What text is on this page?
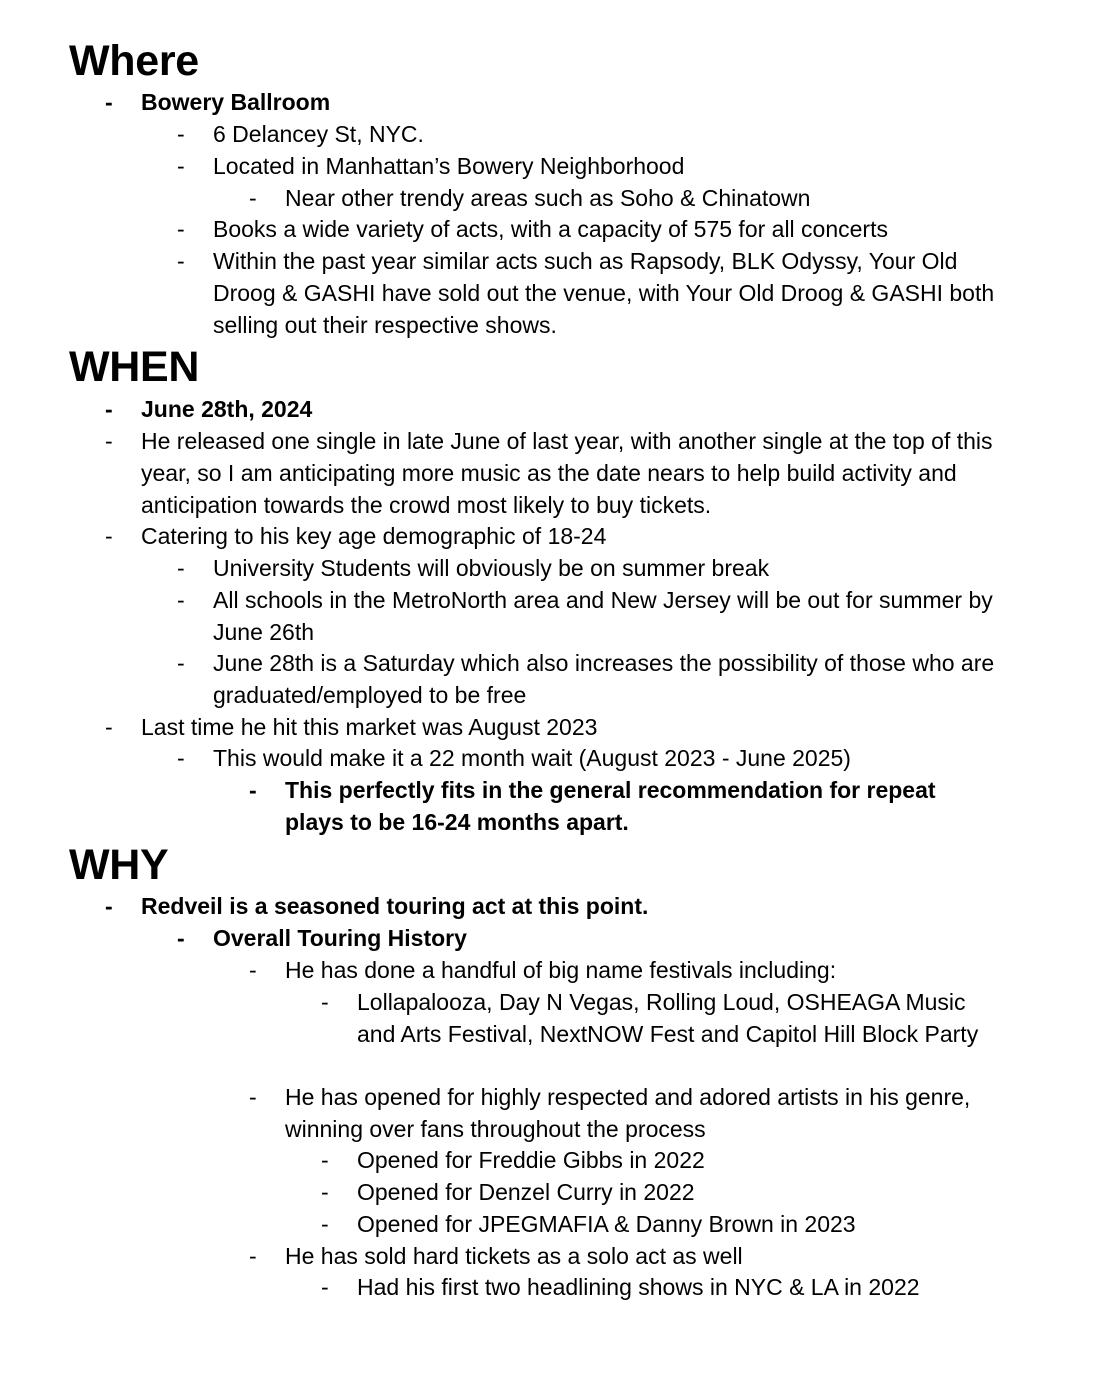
Where
- Bowery Ballroom
- 6 Delancey St, NYC.
- Located in Manhattan’s Bowery Neighborhood
- Near other trendy areas such as Soho & Chinatown
- Books a wide variety of acts, with a capacity of 575 for all concerts
- Within the past year similar acts such as Rapsody, BLK Odyssy, Your Old Droog & GASHI have sold out the venue, with Your Old Droog & GASHI both selling out their respective shows.
WHEN
- June 28th, 2024
- He released one single in late June of last year, with another single at the top of this year, so I am anticipating more music as the date nears to help build activity and anticipation towards the crowd most likely to buy tickets.
- Catering to his key age demographic of 18-24
- University Students will obviously be on summer break
- All schools in the MetroNorth area and New Jersey will be out for summer by June 26th
- June 28th is a Saturday which also increases the possibility of those who are graduated/employed to be free
- Last time he hit this market was August 2023
- This would make it a 22 month wait (August 2023 - June 2025)
- This perfectly fits in the general recommendation for repeat plays to be 16-24 months apart.
WHY
- Redveil is a seasoned touring act at this point.
- Overall Touring History
- He has done a handful of big name festivals including:
- Lollapalooza, Day N Vegas, Rolling Loud, OSHEAGA Music and Arts Festival, NextNOW Fest and Capitol Hill Block Party
- He has opened for highly respected and adored artists in his genre, winning over fans throughout the process
- Opened for Freddie Gibbs in 2022
- Opened for Denzel Curry in 2022
- Opened for JPEGMAFIA & Danny Brown in 2023
- He has sold hard tickets as a solo act as well
- Had his first two headlining shows in NYC & LA in 2022
